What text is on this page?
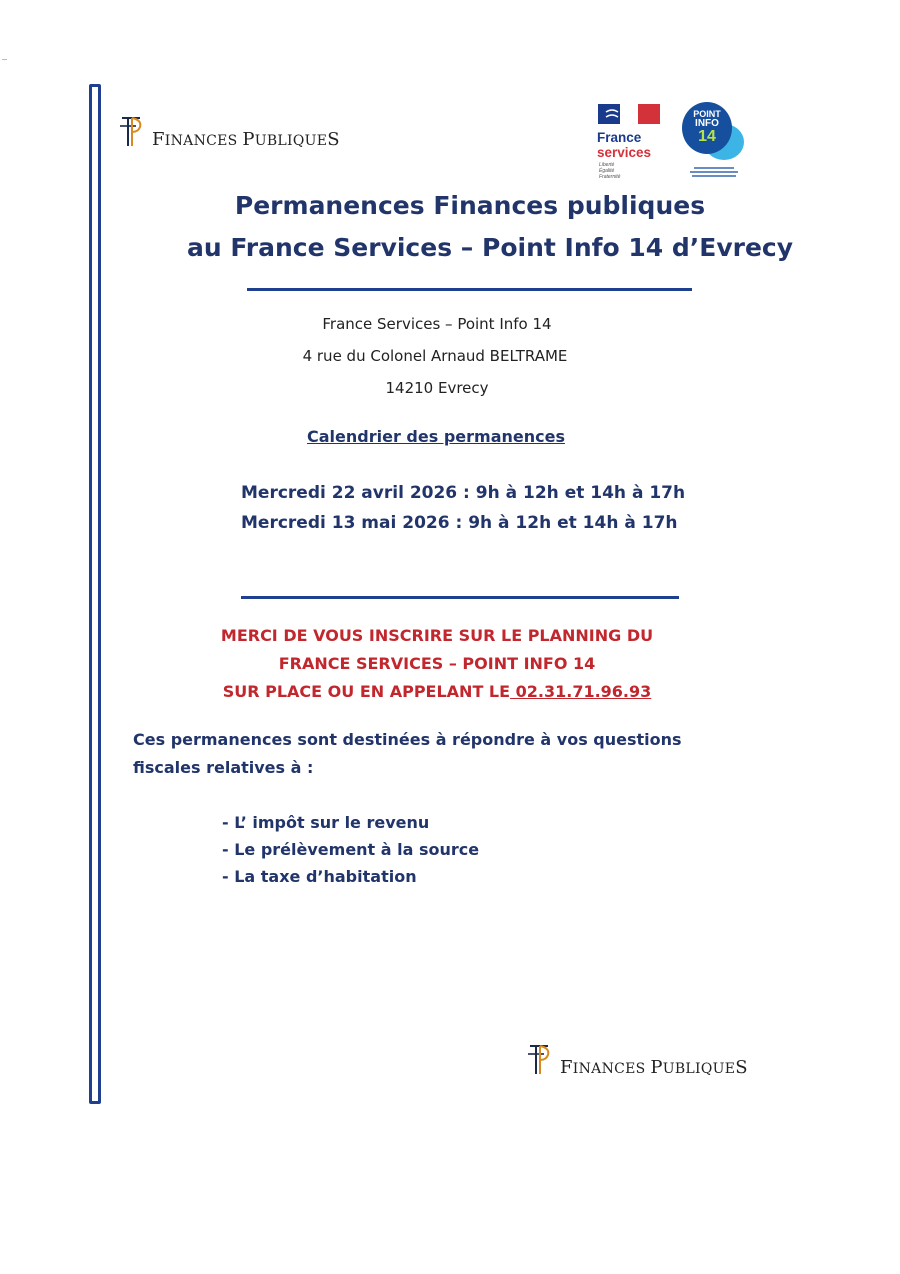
FINANCES PUBLIQUES	France
services
Liberté
Égalité
Fraternité
POINT
INFO
14
Permanences Finances publiques
au France Services – Point Info 14 d’Evrecy
France Services – Point Info 14
4 rue du Colonel Arnaud BELTRAME
14210 Evrecy
Calendrier des permanences
Mercredi 22 avril 2026 : 9h à 12h et 14h à 17h
Mercredi 13 mai 2026 : 9h à 12h et 14h à 17h
MERCI DE VOUS INSCRIRE SUR LE PLANNING DU
FRANCE SERVICES – POINT INFO 14
SUR PLACE OU EN APPELANT LE 02.31.71.96.93
Ces permanences sont destinées à répondre à vos questions
fiscales relatives à :
- L’ impôt sur le revenu
- Le prélèvement à la source
- La taxe d’habitation
FINANCES PUBLIQUES
